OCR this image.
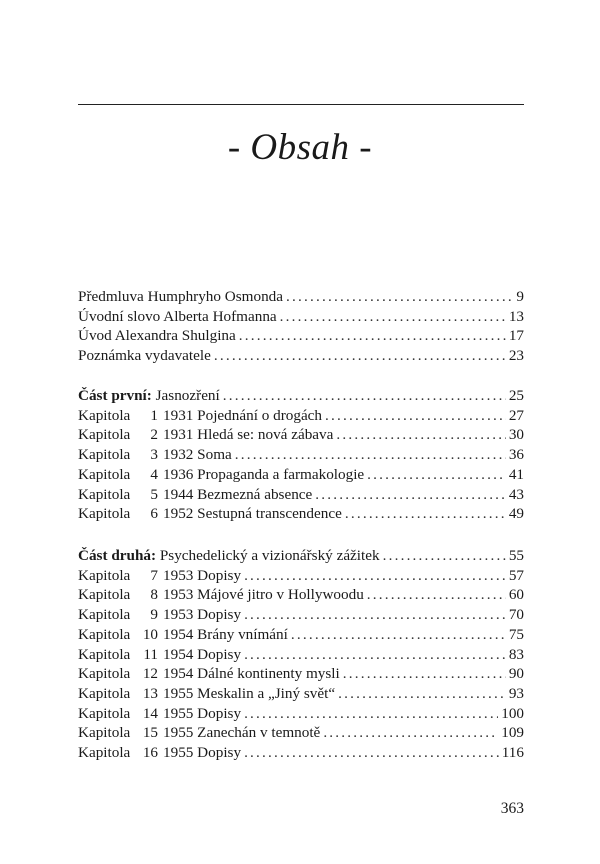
- Obsah -
Předmluva Humphryho Osmonda .....	9
Úvodní slovo Alberta Hofmanna .....	13
Úvod Alexandra Shulgina .....	17
Poznámka vydavatele .....	23
Část první: Jasnozření .....	25
Kapitola 1 1931 Pojednání o drogách .....	27
Kapitola 2 1931 Hledá se: nová zábava .....	30
Kapitola 3 1932 Soma .....	36
Kapitola 4 1936 Propaganda a farmakologie .....	41
Kapitola 5 1944 Bezmezná absence .....	43
Kapitola 6 1952 Sestupná transcendence .....	49
Část druhá: Psychedelický a vizionářský zážitek .....	55
Kapitola 7 1953 Dopisy .....	57
Kapitola 8 1953 Májové jitro v Hollywoodu .....	60
Kapitola 9 1953 Dopisy .....	70
Kapitola 10 1954 Brány vnímání .....	75
Kapitola 11 1954 Dopisy .....	83
Kapitola 12 1954 Dálné kontinenty mysli .....	90
Kapitola 13 1955 Meskalin a „Jiný svět“ .....	93
Kapitola 14 1955 Dopisy .....	100
Kapitola 15 1955 Zanechán v temnotě .....	109
Kapitola 16 1955 Dopisy .....	116
363
